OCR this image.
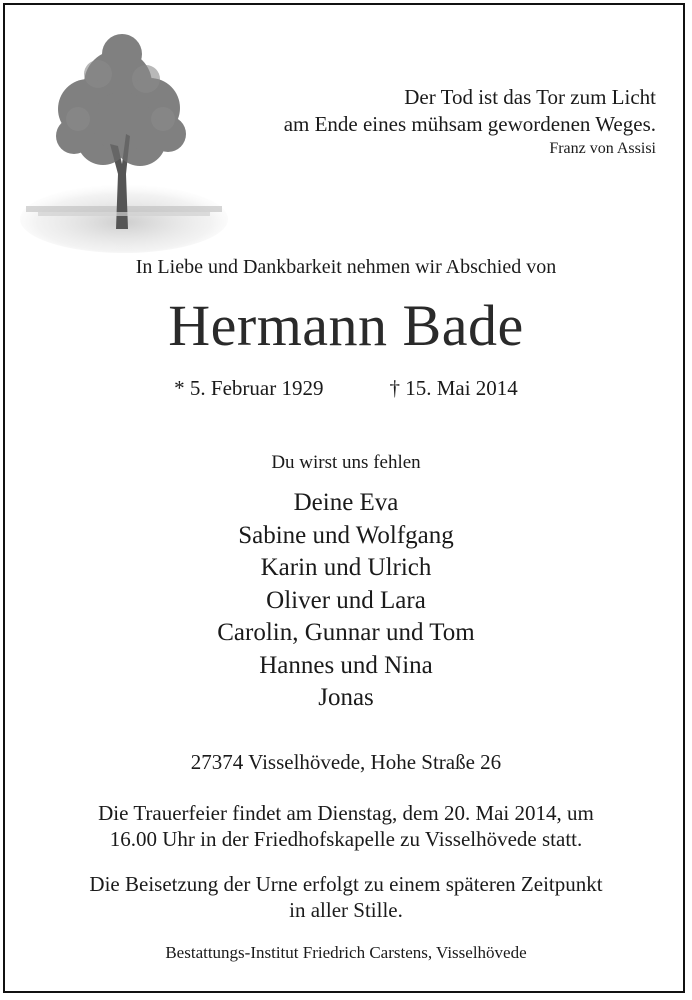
Der Tod ist das Tor zum Licht
am Ende eines mühsam gewordenen Weges.
Franz von Assisi
In Liebe und Dankbarkeit nehmen wir Abschied von
Hermann Bade
* 5. Februar 1929	† 15. Mai 2014
Du wirst uns fehlen
Deine Eva
Sabine und Wolfgang
Karin und Ulrich
Oliver und Lara
Carolin, Gunnar und Tom
Hannes und Nina
Jonas
27374 Visselhövede, Hohe Straße 26
Die Trauerfeier findet am Dienstag, dem 20. Mai 2014, um
16.00 Uhr in der Friedhofskapelle zu Visselhövede statt.
Die Beisetzung der Urne erfolgt zu einem späteren Zeitpunkt
in aller Stille.
Bestattungs-Institut Friedrich Carstens, Visselhövede
